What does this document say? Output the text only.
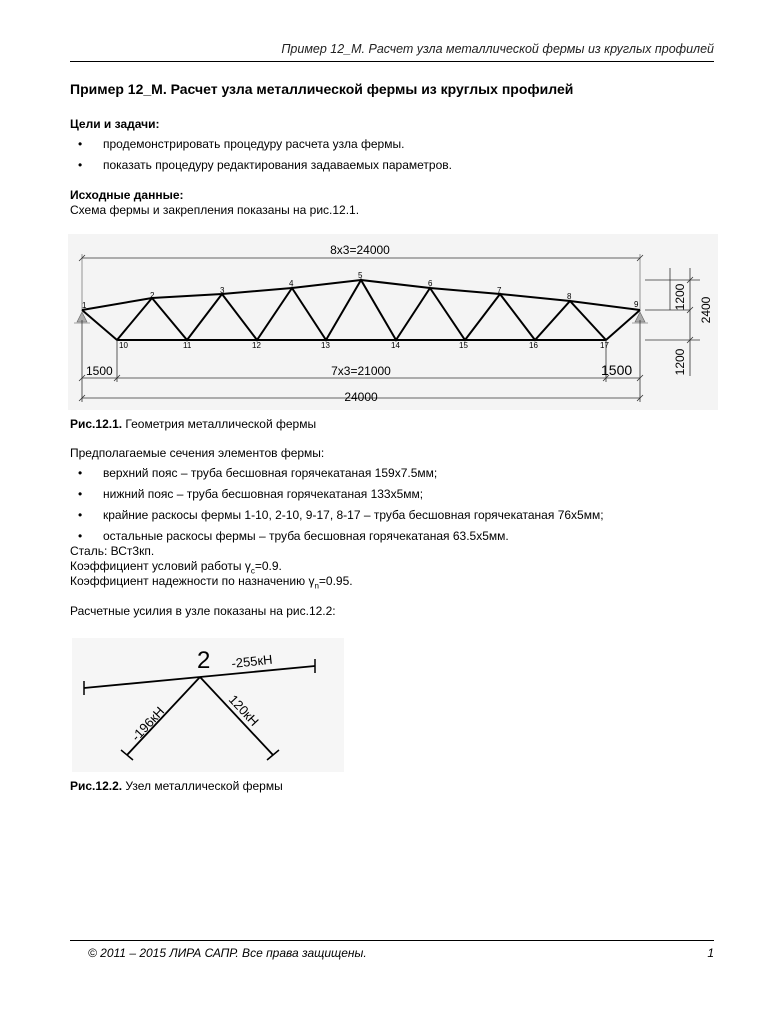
Пример 12_М. Расчет узла металлической фермы из круглых профилей
Пример 12_М. Расчет узла металлической фермы из круглых профилей
Цели и задачи:
• продемонстрировать процедуру расчета узла фермы.
• показать процедуру редактирования задаваемых параметров.
Исходные данные:
Схема фермы и закрепления показаны на рис.12.1.
8x3=24000
1
2
3
4
5
6
7
8
9
10	11	12	13	14	15	16	17
1500	7x3=21000	1500
24000
1200 2400
1200
Рис.12.1. Геометрия металлической фермы
Предполагаемые сечения элементов фермы:
• верхний пояс – труба бесшовная горячекатаная 159х7.5мм;
• нижний пояс – труба бесшовная горячекатаная 133х5мм;
• крайние раскосы фермы 1-10, 2-10, 9-17, 8-17 – труба бесшовная горячекатаная 76х5мм;
• остальные раскосы фермы – труба бесшовная горячекатаная 63.5х5мм.
Сталь: ВСт3кп.
Коэффициент условий работы $\gamma_c=0.9$.
Коэффициент надежности по назначению $\gamma_n=0.95$.
Расчетные усилия в узле показаны на рис.12.2:
2 -255кН
-196кН	120кН
Рис.12.2. Узел металлической фермы
© 2011 – 2015 ЛИРА САПР. Все права защищены.	1
